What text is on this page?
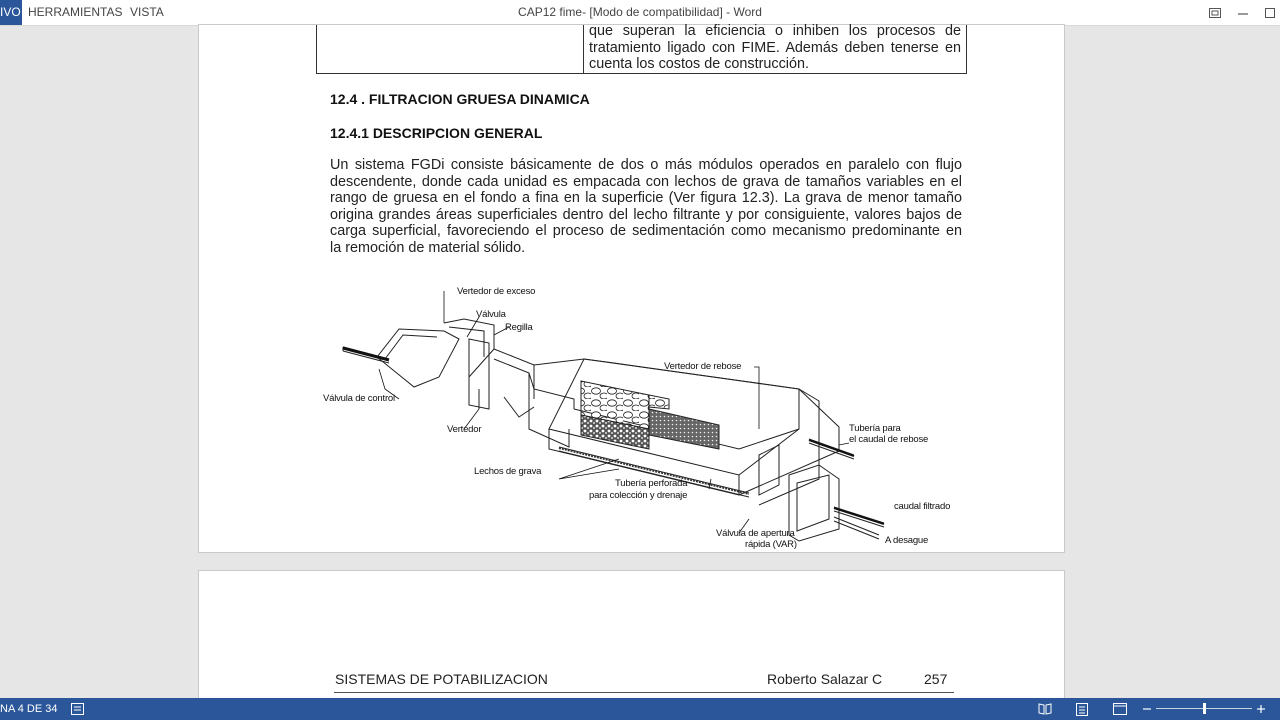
IVO HERRAMIENTAS VISTA	CAP12 fime- [Modo de compatibilidad] - Word
que superan la eficiencia o inhiben los procesos de
tratamiento ligado con FIME. Además deben tenerse en
cuenta los costos de construcción.
12.4 . FILTRACION GRUESA DINAMICA
12.4.1 DESCRIPCION GENERAL
Un sistema FGDi consiste básicamente de dos o más módulos operados en paralelo con flujo
descendente, donde cada unidad es empacada con lechos de grava de tamaños variables en el
rango de gruesa en el fondo a fina en la superficie (Ver figura 12.3). La grava de menor tamaño
origina grandes áreas superficiales dentro del lecho filtrante y por consiguiente, valores bajos de
carga superficial, favoreciendo el proceso de sedimentación como mecanismo predominante en
la remoción de material sólido.
Vertedor de exceso
Válvula
Regilla
Válvula de control
Vertedor de rebose
Vertedor	Tubería para
el caudal de rebose
Lechos de grava
Tubería perforada
para colección y drenaje
caudal filtrado
Válvula de apertura
rápida (VAR)	A desague
SISTEMAS DE POTABILIZACION	Roberto Salazar C	257
NA 4 DE 34
